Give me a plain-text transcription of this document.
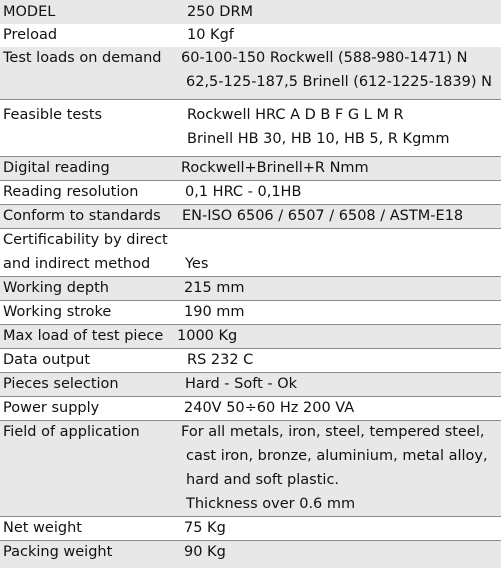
MODEL	250 DRM
Preload	10 Kgf
Test loads on demand 60-100-150 Rockwell (588-980-1471) N
62,5-125-187,5 Brinell (612-1225-1839) N
Feasible tests	Rockwell HRC A D B F G L M R
Brinell HB 30, HB 10, HB 5, R Kgmm
Digital reading	Rockwell+Brinell+R Nmm
Reading resolution	0,1 HRC - 0,1HB
Conform to standards EN-ISO 6506 / 6507 / 6508 / ASTM-E18
Certificability by direct
and indirect method	Yes
Working depth	215 mm
Working stroke	190 mm
Max load of test piece 1000 Kg
Data output	RS 232 C
Pieces selection	Hard - Soft - Ok
Power supply	240V 50÷60 Hz 200 VA
Field of application	For all metals, iron, steel, tempered steel,
cast iron, bronze, aluminium, metal alloy,
hard and soft plastic.
Thickness over 0.6 mm
Net weight	75 Kg
Packing weight	90 Kg
